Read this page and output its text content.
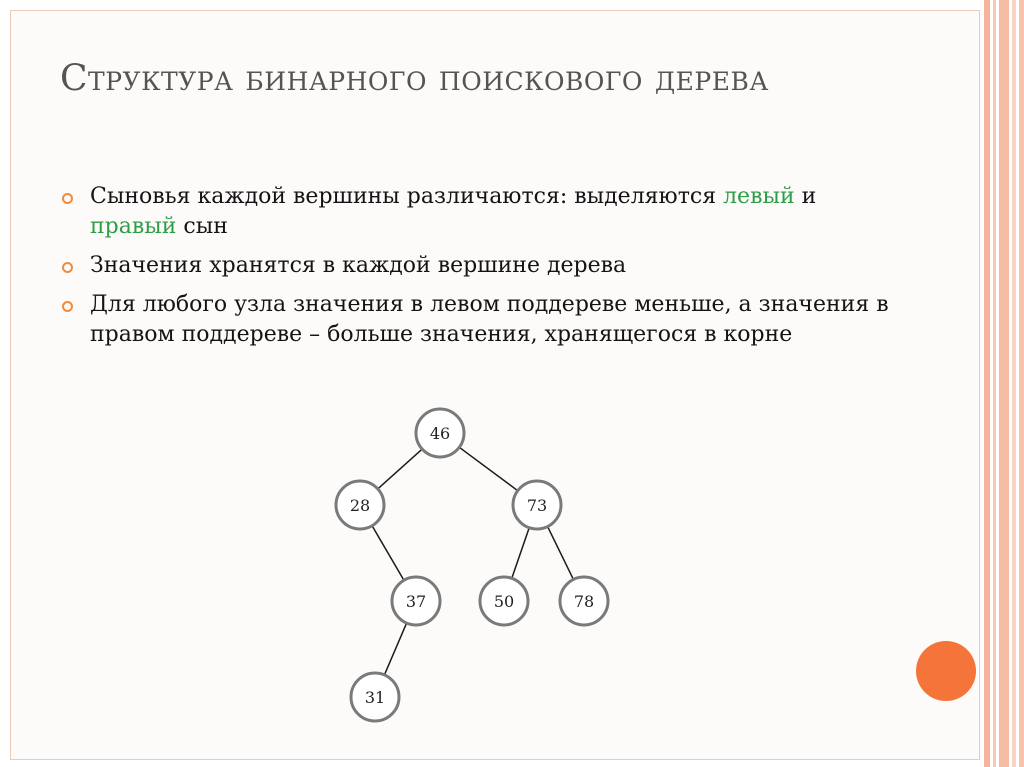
Структура бинарного поискового дерева
Сыновья каждой вершины различаются: выделяются левый и правый сын
Значения хранятся в каждой вершине дерева
Для любого узла значения в левом поддереве меньше, а значения в правом поддереве – больше значения, хранящегося в корне
46
28	73
37	50	78
31
